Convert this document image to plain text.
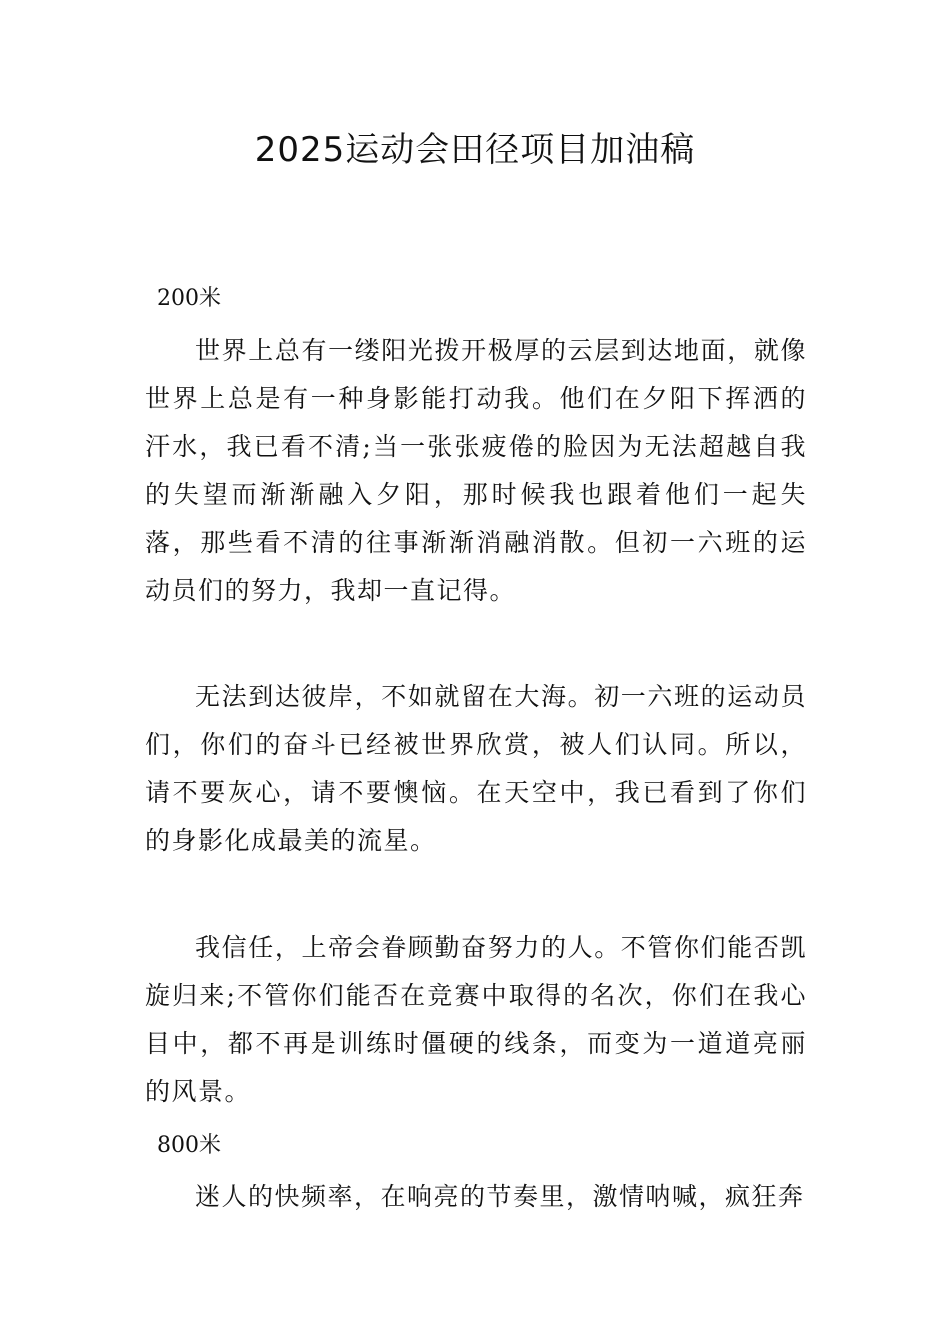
2025运动会田径项目加油稿
200米

世界上总有一缕阳光拨开极厚的云层到达地面，就像世界上总是有一种身影能打动我。他们在夕阳下挥洒的汗水，我已看不清;当一张张疲倦的脸因为无法超越自我的失望而渐渐融入夕阳，那时候我也跟着他们一起失落，那些看不清的往事渐渐消融消散。但初一六班的运动员们的努力，我却一直记得。

无法到达彼岸，不如就留在大海。初一六班的运动员们，你们的奋斗已经被世界欣赏，被人们认同。所以，请不要灰心，请不要懊恼。在天空中，我已看到了你们的身影化成最美的流星。

我信任，上帝会眷顾勤奋努力的人。不管你们能否凯旋归来;不管你们能否在竞赛中取得的名次，你们在我心目中，都不再是训练时僵硬的线条，而变为一道道亮丽的风景。

800米

迷人的快频率，在响亮的节奏里，激情呐喊，疯狂奔
